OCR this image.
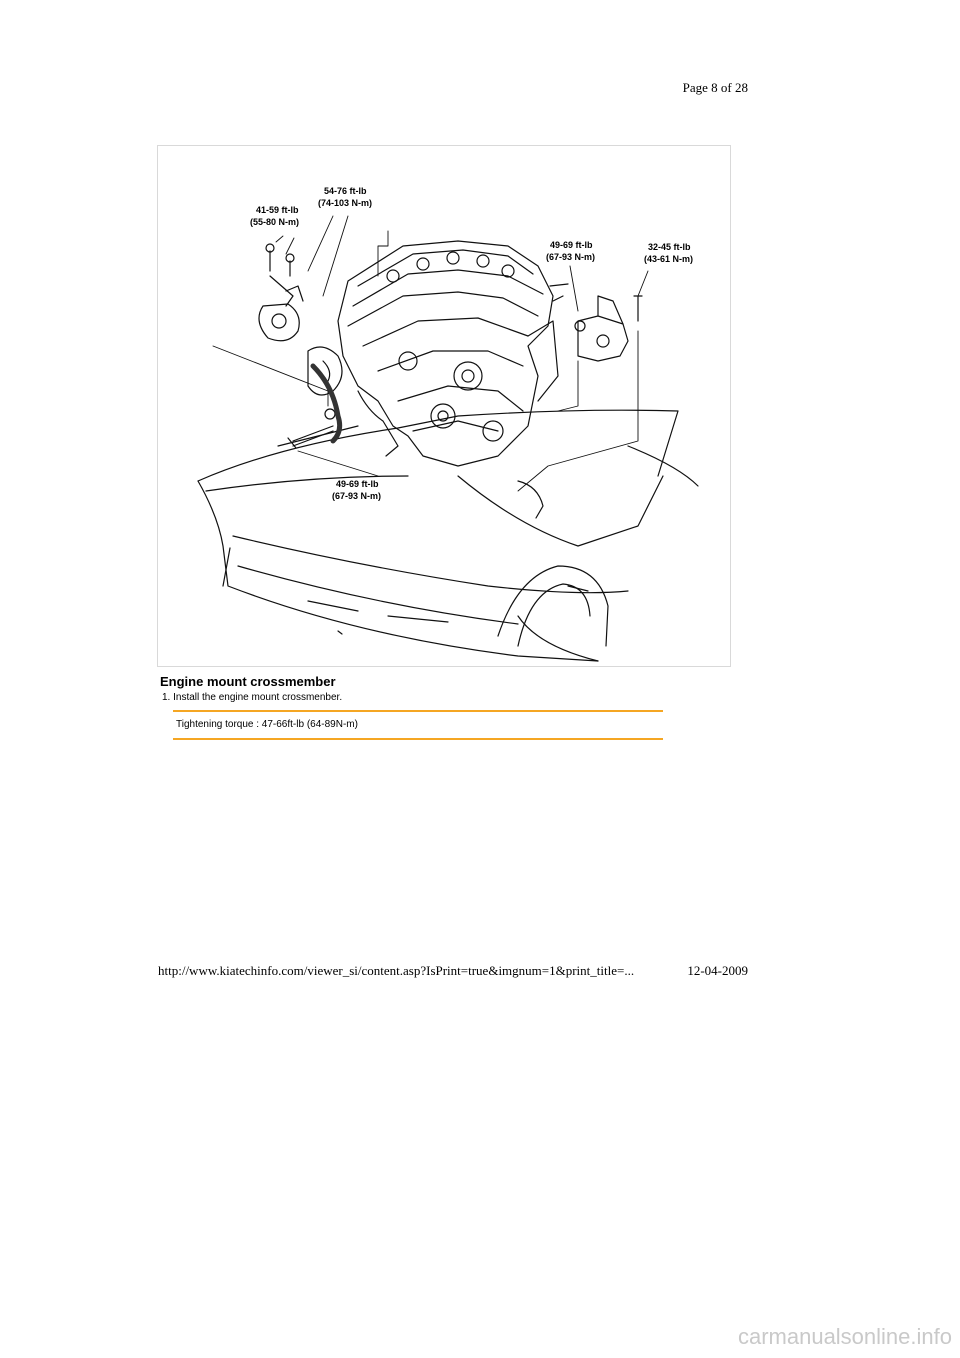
Page 8 of 28
54-76 ft-lb
(74-103 N-m)
41-59 ft-lb
(55-80 N-m)
49-69 ft-lb
(67-93 N-m)
32-45 ft-lb
(43-61 N-m)
49-69 ft-lb
(67-93 N-m)
Engine mount crossmember
1. Install the engine mount crossmenber.
Tightening torque : 47-66ft-lb (64-89N-m)
http://www.kiatechinfo.com/viewer_si/content.asp?IsPrint=true&imgnum=1&print_title=...	12-04-2009
carmanualsonline.info
